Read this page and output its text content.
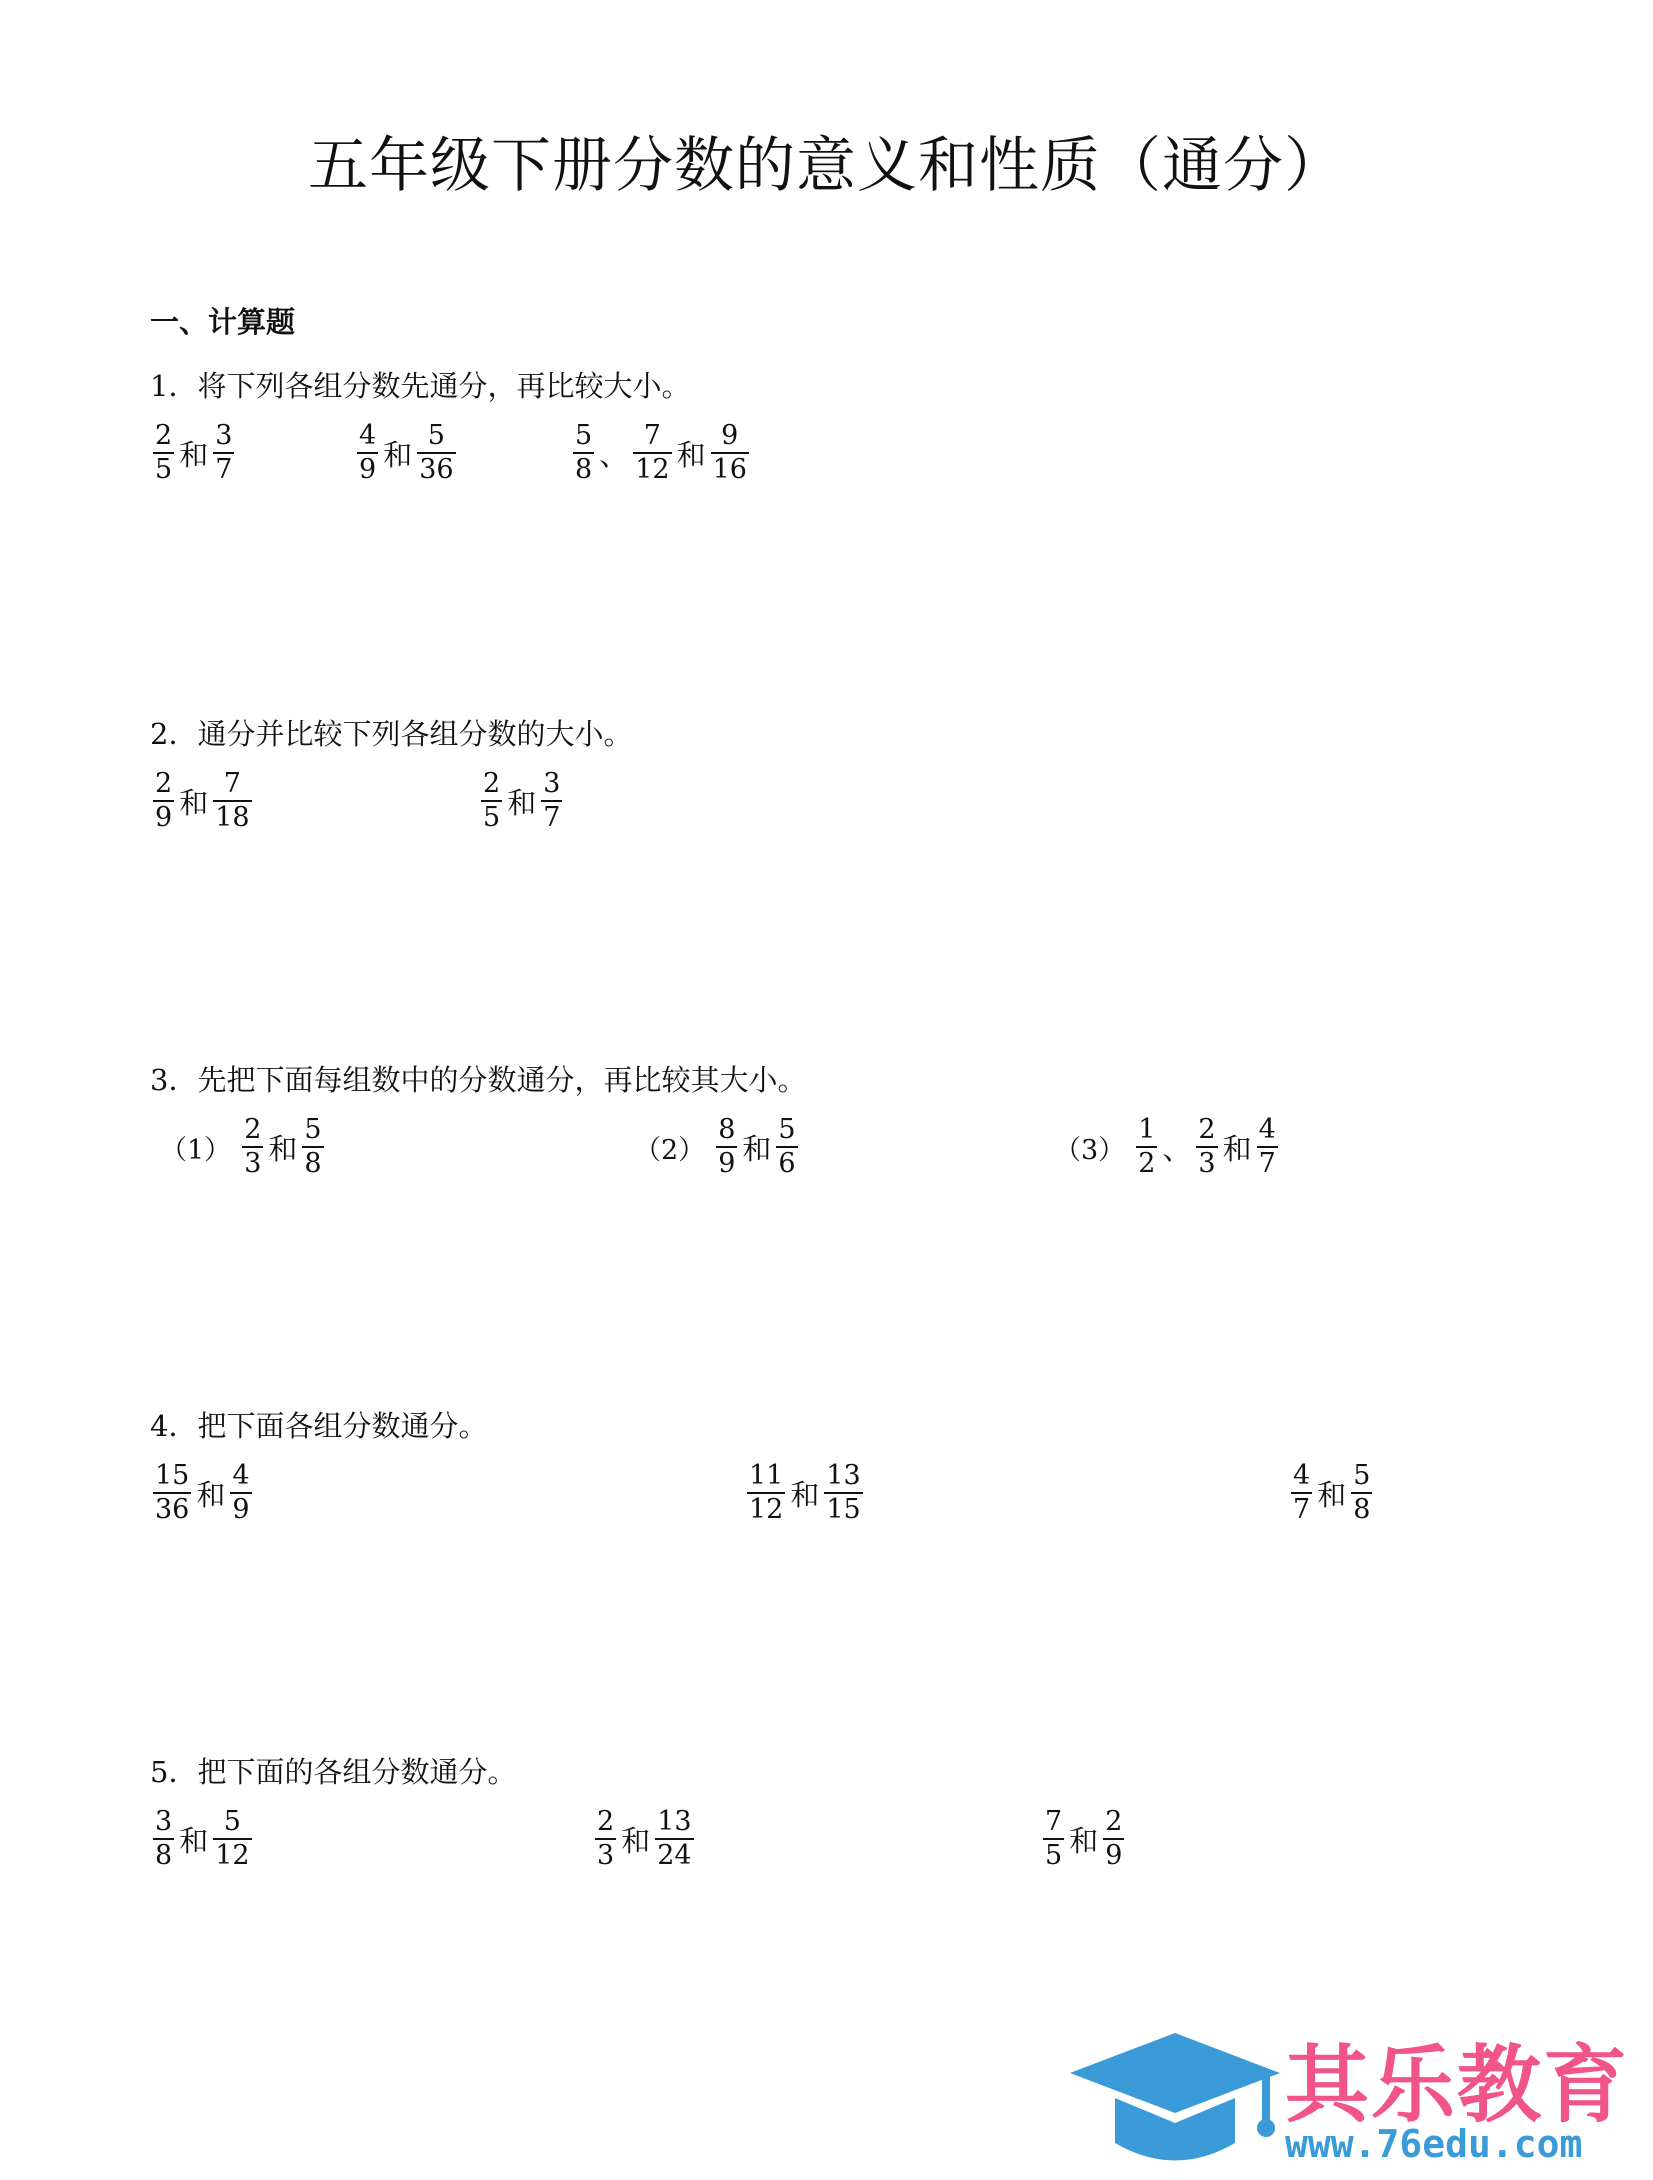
五年级下册分数的意义和性质（通分）
一、计算题
1．将下列各组分数先通分，再比较大小。
$\frac{2}{5}$ 和 $\frac{3}{7}$	$\frac{4}{9}$ 和 $\frac{5}{36}$	$\frac{5}{8}$ 、 $\frac{7}{12}$ 和 $\frac{9}{16}$
2．通分并比较下列各组分数的大小。
$\frac{2}{9}$ 和 $\frac{7}{18}$	$\frac{2}{5}$ 和 $\frac{3}{7}$
3．先把下面每组数中的分数通分，再比较其大小。
$(1) \frac{2}{3}$ 和 $\frac{5}{8}$	$(2) \frac{8}{9}$ 和 $\frac{5}{6}$	$(3) \frac{1}{2}$ 、 $\frac{2}{3}$ 和 $\frac{4}{7}$
4．把下面各组分数通分。
$\frac{15}{36}$ 和 $\frac{4}{9}$	$\frac{11}{12}$ 和 $\frac{13}{15}$	$\frac{4}{7}$ 和 $\frac{5}{8}$
5．把下面的各组分数通分。
$\frac{3}{8}$ 和 $\frac{5}{12}$	$\frac{2}{3}$ 和 $\frac{13}{24}$	$\frac{7}{5}$ 和 $\frac{2}{9}$
其乐教育
www.76edu.com
